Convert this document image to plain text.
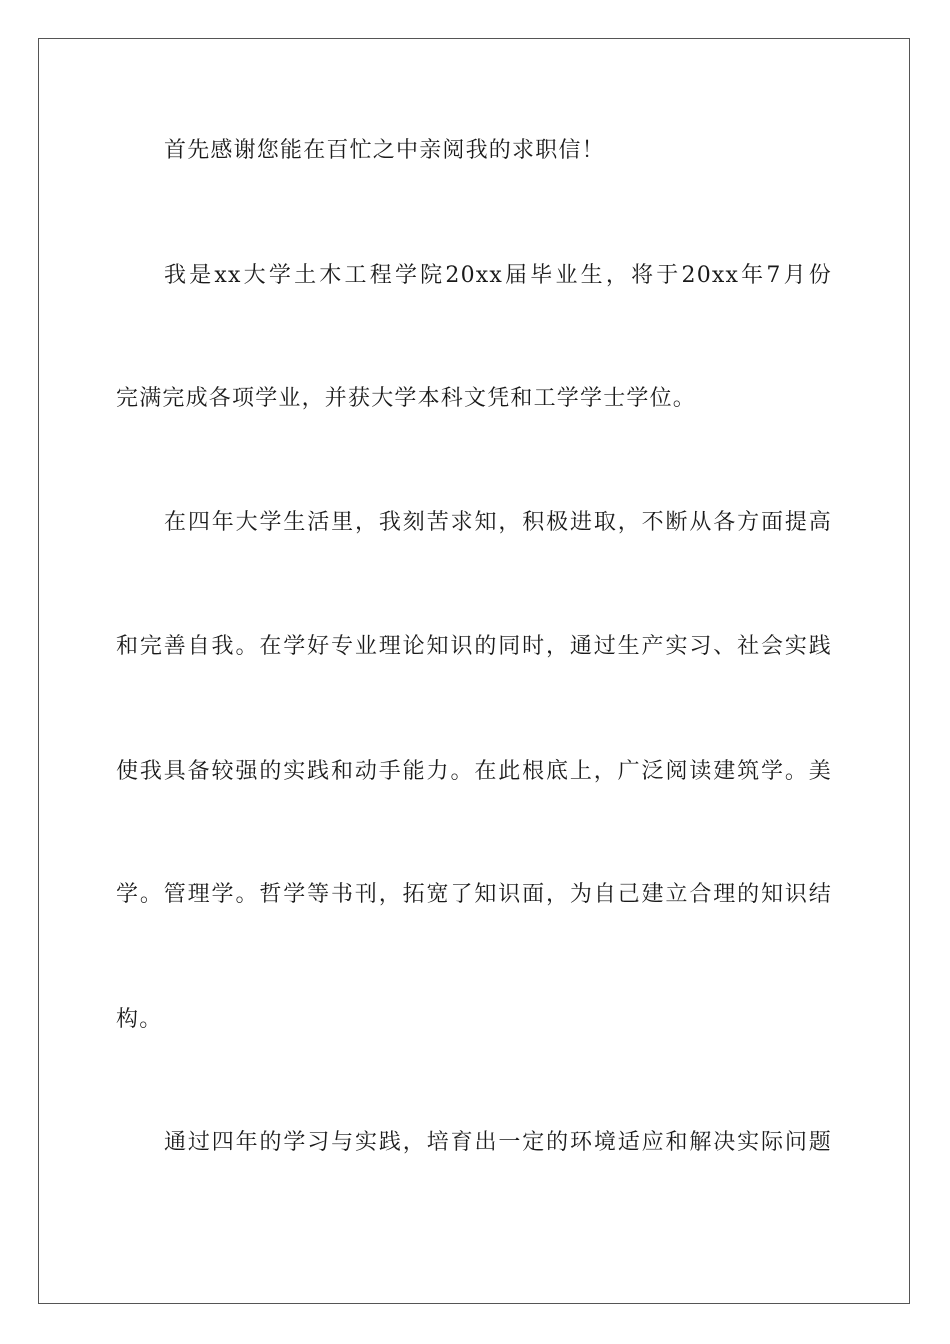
首先感谢您能在百忙之中亲阅我的求职信！
我是xx大学土木工程学院20xx届毕业生，将于20xx年7月份
完满完成各项学业，并获大学本科文凭和工学学士学位。
在四年大学生活里，我刻苦求知，积极进取，不断从各方面提高
和完善自我。在学好专业理论知识的同时，通过生产实习、社会实践
使我具备较强的实践和动手能力。在此根底上，广泛阅读建筑学。美
学。管理学。哲学等书刊，拓宽了知识面，为自己建立合理的知识结
构。
通过四年的学习与实践，培育出一定的环境适应和解决实际问题
